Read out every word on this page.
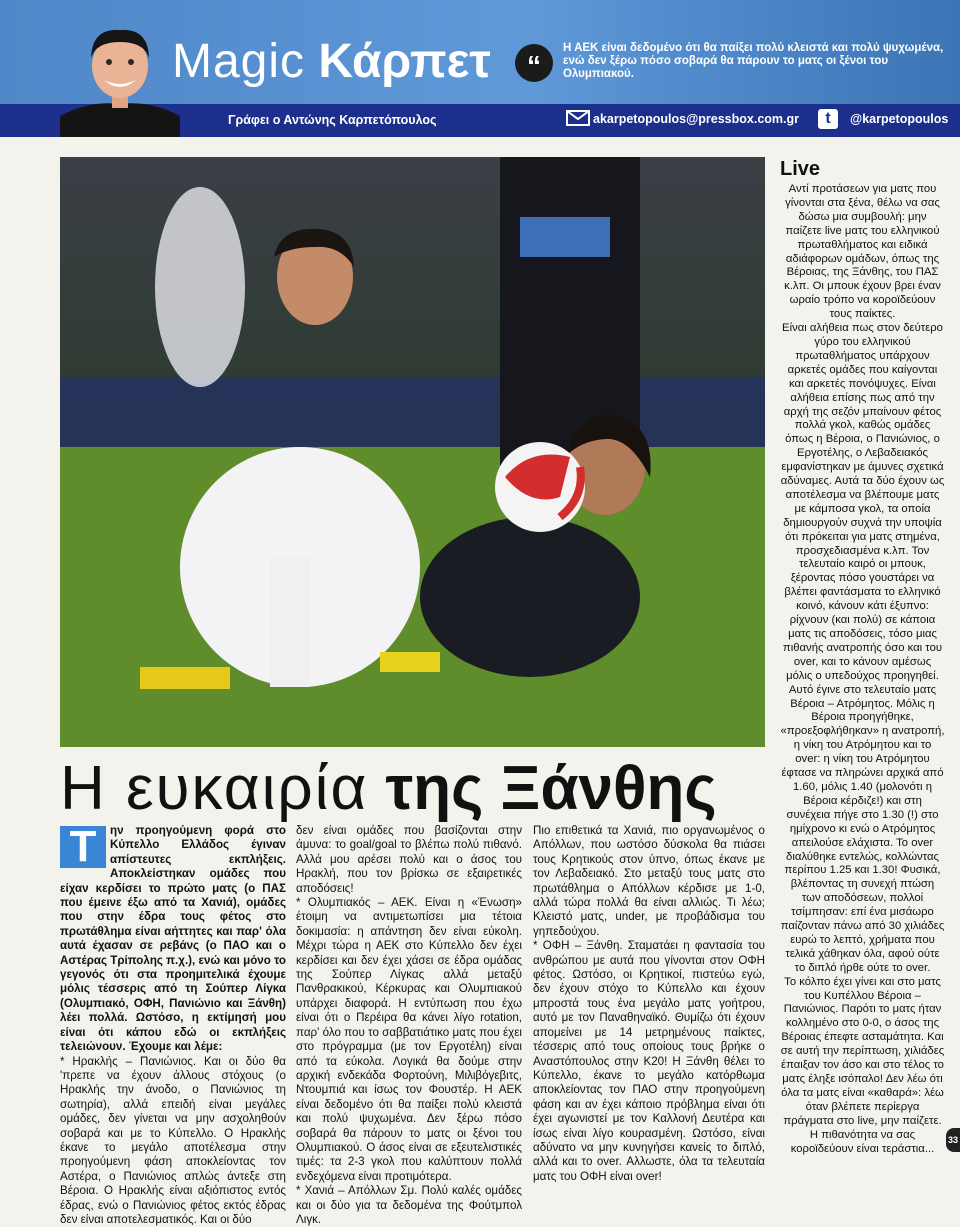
Magic Κάρπετ	“
Η ΑΕΚ είναι δεδομένο ότι θα παίξει πολύ κλειστά και πολύ ψυχωμένα, ενώ δεν ξέρω πόσο σοβαρά θα πάρουν το ματς οι ξένοι του Ολυμπιακού.
Γράφει ο Αντώνης Καρπετόπουλος	akarpetopoulos@pressbox.com.gr	t	@karpetopoulos
Η ευκαιρία της Ξάνθης
Τ	ην προηγούμενη φορά στο Κύπελλο Ελλάδος έγιναν απίστευτες εκπλήξεις. Αποκλείστηκαν ομάδες που είχαν κερδίσει το πρώτο ματς (ο ΠΑΣ που έμεινε έξω από τα Χανιά), ομάδες που στην έδρα τους φέτος στο πρωτάθλημα είναι αήττητες και παρ' όλα αυτά έχασαν σε ρεβάνς (ο ΠΑΟ και ο Αστέρας Τρίπολης π.χ.), ενώ και μόνο το γεγονός ότι στα προημιτελικά έχουμε μόλις τέσσερις από τη Σούπερ Λίγκα (Ολυμπιακό, ΟΦΗ, Πανιώνιο και Ξάνθη) λέει πολλά. Ωστόσο, η εκτίμησή μου είναι ότι κάπου εδώ οι εκπλήξεις τελειώνουν. Έχουμε και λέμε:

* Ηρακλής – Πανιώνιος. Και οι δύο θα 'πρεπε να έχουν άλλους στόχους (ο Ηρακλής την άνοδο, ο Πανιώνιος τη σωτηρία), αλλά επειδή είναι μεγάλες ομάδες, δεν γίνεται να μην ασχοληθούν σοβαρά και με το Κύπελλο. Ο Ηρακλής έκανε το μεγάλο αποτέλεσμα στην προηγούμενη φάση αποκλείοντας τον Αστέρα, ο Πανιώνιος απλώς άντεξε στη Βέροια. Ο Ηρακλής είναι αξιόπιστος εντός έδρας, ενώ ο Πανιώνιος φέτος εκτός έδρας δεν είναι αποτελεσματικός. Και οι δύο

δεν είναι ομάδες που βασίζονται στην άμυνα: το goal/goal το βλέπω πολύ πιθανό. Αλλά μου αρέσει πολύ και ο άσος του Ηρακλή, που τον βρίσκω σε εξαιρετικές αποδόσεις!
* Ολυμπιακός – ΑΕΚ. Είναι η «Ένωση» έτοιμη να αντιμετωπίσει μια τέτοια δοκιμασία: η απάντηση δεν είναι εύκολη. Μέχρι τώρα η ΑΕΚ στο Κύπελλο δεν έχει κερδίσει και δεν έχει χάσει σε έδρα ομάδας της Σούπερ Λίγκας αλλά μεταξύ Πανθρακικού, Κέρκυρας και Ολυμπιακού υπάρχει διαφορά. Η εντύπωση που έχω είναι ότι ο Περέιρα θα κάνει λίγο rotation, παρ' όλο που το σαββατιάτικο ματς που έχει στο πρόγραμμα (με τον Εργοτέλη) είναι από τα εύκολα. Λογικά θα δούμε στην αρχική ενδεκάδα Φορτούνη, Μιλιβόγεβιτς, Ντουμπιά και ίσως τον Φουστέρ. Η ΑΕΚ είναι δεδομένο ότι θα παίξει πολύ κλειστά και πολύ ψυχωμένα. Δεν ξέρω πόσο σοβαρά θα πάρουν το ματς οι ξένοι του Ολυμπιακού. Ο άσος είναι σε εξευτελιστικές τιμές: τα 2-3 γκολ που καλύπτουν πολλά ενδεχόμενα είναι προτιμότερα.
* Χανιά – Απόλλων Σμ. Πολύ καλές ομάδες και οι δύο για τα δεδομένα της Φούτμπολ Λιγκ.

Πιο επιθετικά τα Χανιά, πιο οργανωμένος ο Απόλλων, που ωστόσο δύσκολα θα πιάσει τους Κρητικούς στον ύπνο, όπως έκανε με τον Λεβαδειακό. Στο μεταξύ τους ματς στο πρωτάθλημα ο Απόλλων κέρδισε με 1-0, αλλά τώρα πολλά θα είναι αλλιώς. Τι λέω; Κλειστό ματς, under, με προβάδισμα του γηπεδούχου.
* ΟΦΗ – Ξάνθη. Σταματάει η φαντασία του ανθρώπου με αυτά που γίνονται στον ΟΦΗ φέτος. Ωστόσο, οι Κρητικοί, πιστεύω εγώ, δεν έχουν στόχο το Κύπελλο και έχουν μπροστά τους ένα μεγάλο ματς γοήτρου, αυτό με τον Παναθηναϊκό. Θυμίζω ότι έχουν απομείνει με 14 μετρημένους παίκτες, τέσσερις από τους οποίους τους βρήκε ο Αναστόπουλος στην Κ20! Η Ξάνθη θέλει το Κύπελλο, έκανε το μεγάλο κατόρθωμα αποκλείοντας τον ΠΑΟ στην προηγούμενη φάση και αν έχει κάποιο πρόβλημα είναι ότι έχει αγωνιστεί με τον Καλλονή Δευτέρα και ίσως είναι λίγο κουρασμένη. Ωστόσο, είναι αδύνατο να μην κυνηγήσει κανείς το διπλό, αλλά και το over. Αλλωστε, όλα τα τελευταία ματς του ΟΦΗ είναι over!

Live

Αντί προτάσεων για ματς που γίνονται στα ξένα, θέλω να σας δώσω μια συμβουλή: μην παίζετε live ματς του ελληνικού πρωταθλήματος και ειδικά αδιάφορων ομάδων, όπως της Βέροιας, της Ξάνθης, του ΠΑΣ κ.λπ. Οι μπουκ έχουν βρει έναν ωραίο τρόπο να κοροϊδεύουν τους παίκτες.
Είναι αλήθεια πως στον δεύτερο γύρο του ελληνικού πρωταθλήματος υπάρχουν αρκετές ομάδες που καίγονται και αρκετές πονόψυχες. Είναι αλήθεια επίσης πως από την αρχή της σεζόν μπαίνουν φέτος πολλά γκολ, καθώς ομάδες όπως η Βέροια, ο Πανιώνιος, ο Εργοτέλης, ο Λεβαδειακός εμφανίστηκαν με άμυνες σχετικά αδύναμες. Αυτά τα δύο έχουν ως αποτέλεσμα να βλέπουμε ματς με κάμποσα γκολ, τα οποία δημιουργούν συχνά την υποψία ότι πρόκειται για ματς στημένα, προσχεδιασμένα κ.λπ. Τον τελευταίο καιρό οι μπουκ, ξέροντας πόσο γουστάρει να βλέπει φαντάσματα το ελληνικό κοινό, κάνουν κάτι έξυπνο: ρίχνουν (και πολύ) σε κάποια ματς τις αποδόσεις, τόσο μιας πιθανής ανατροπής όσο και του over, και το κάνουν αμέσως μόλις ο υπεδούχος προηγηθεί. Αυτό έγινε στο τελευταίο ματς Βέροια – Ατρόμητος. Μόλις η Βέροια προηγήθηκε, «προεξοφλήθηκαν» η ανατροπή, η νίκη του Ατρόμητου και το over: η νίκη του Ατρόμητου έφτασε να πληρώνει αρχικά από 1.60, μόλις 1.40 (μολονότι η Βέροια κέρδιζε!) και στη συνέχεια πήγε στο 1.30 (!) στο ημίχρονο κι ενώ ο Ατρόμητος απειλούσε ελάχιστα. Το over διαλύθηκε εντελώς, κολλώντας περίπου 1.25 και 1.30! Φυσικά, βλέποντας τη συνεχή πτώση των αποδόσεων, πολλοί τσίμπησαν: επί ένα μισάωρο παίζονταν πάνω από 30 χιλιάδες ευρώ το λεπτό, χρήματα που τελικά χάθηκαν όλα, αφού ούτε το διπλό ήρθε ούτε το over.
Το κόλπο έχει γίνει και στο ματς του Κυπέλλου Βέροια – Πανιώνιος. Παρότι το ματς ήταν κολλημένο στο 0-0, ο άσος της Βέροιας έπεφτε ασταμάτητα. Και σε αυτή την περίπτωση, χιλιάδες έπαιξαν τον άσο και στο τέλος το ματς έληξε ισόπαλο! Δεν λέω ότι όλα τα ματς είναι «καθαρά»: λέω όταν βλέπετε περίεργα πράγματα στο live, μην παίζετε. Η πιθανότητα να σας κοροϊδεύουν είναι τεράστια...

33
